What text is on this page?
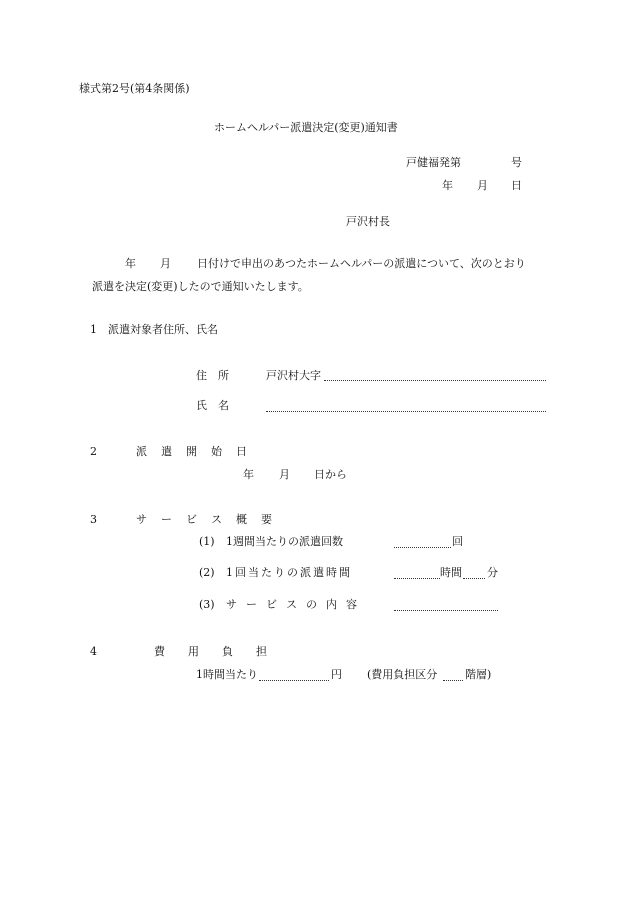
様式第2号(第4条関係)
ホームヘルパー派遣決定(変更)通知書
戸健福発第	号
年 月 日
戸沢村長
年 月 日付けで申出のあつたホームヘルパーの派遣について、次のとおり
派遣を決定(変更)したので通知いたします。
1　派遣対象者住所、氏名
住　所	戸沢村大字
氏　名
2　派遣開始日
年 月 日から
3　サービス概要
(1) 1週間当たりの派遣回数	回
(2) 1回当たりの派遣時間	時間 分
(3) サービスの内容
4　費用負担
1時間当たり	円 (費用負担区分	階層)
